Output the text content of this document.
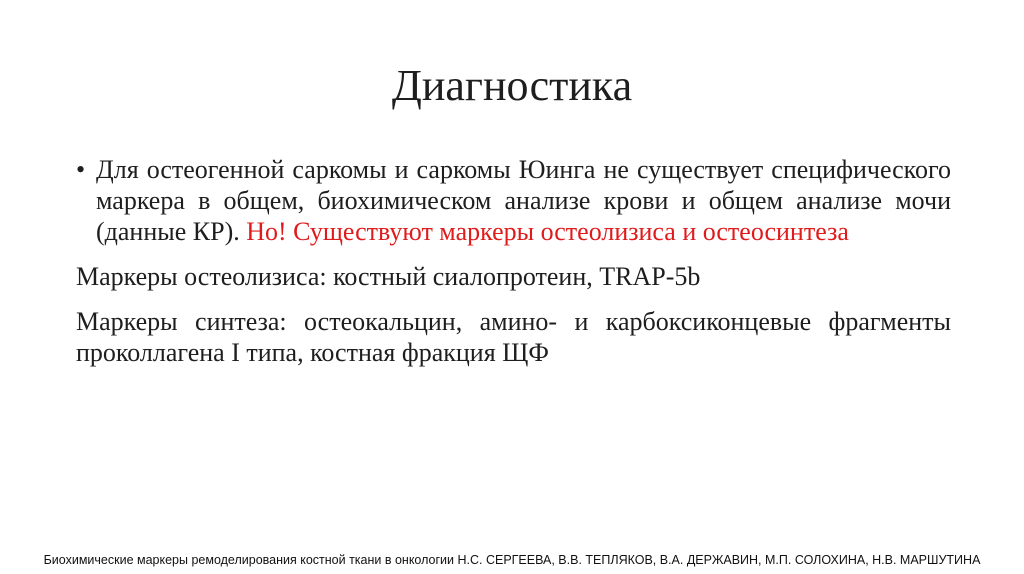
Диагностика
• Для остеогенной саркомы и саркомы Юинга не существует специфического маркера в общем, биохимическом анализе крови и общем анализе мочи (данные КР). Но! Существуют маркеры остеолизиса и остеосинтеза

Маркеры остеолизиса: костный сиалопротеин, TRAP-5b

Маркеры синтеза: остеокальцин, амино- и карбоксиконцевые фрагменты проколлагена I типа, костная фракция ЩФ

Биохимические маркеры ремоделирования костной ткани в онкологии Н.С. СЕРГЕЕВА, В.В. ТЕПЛЯКОВ, В.А. ДЕРЖАВИН, М.П. СОЛОХИНА, Н.В. МАРШУТИНА
